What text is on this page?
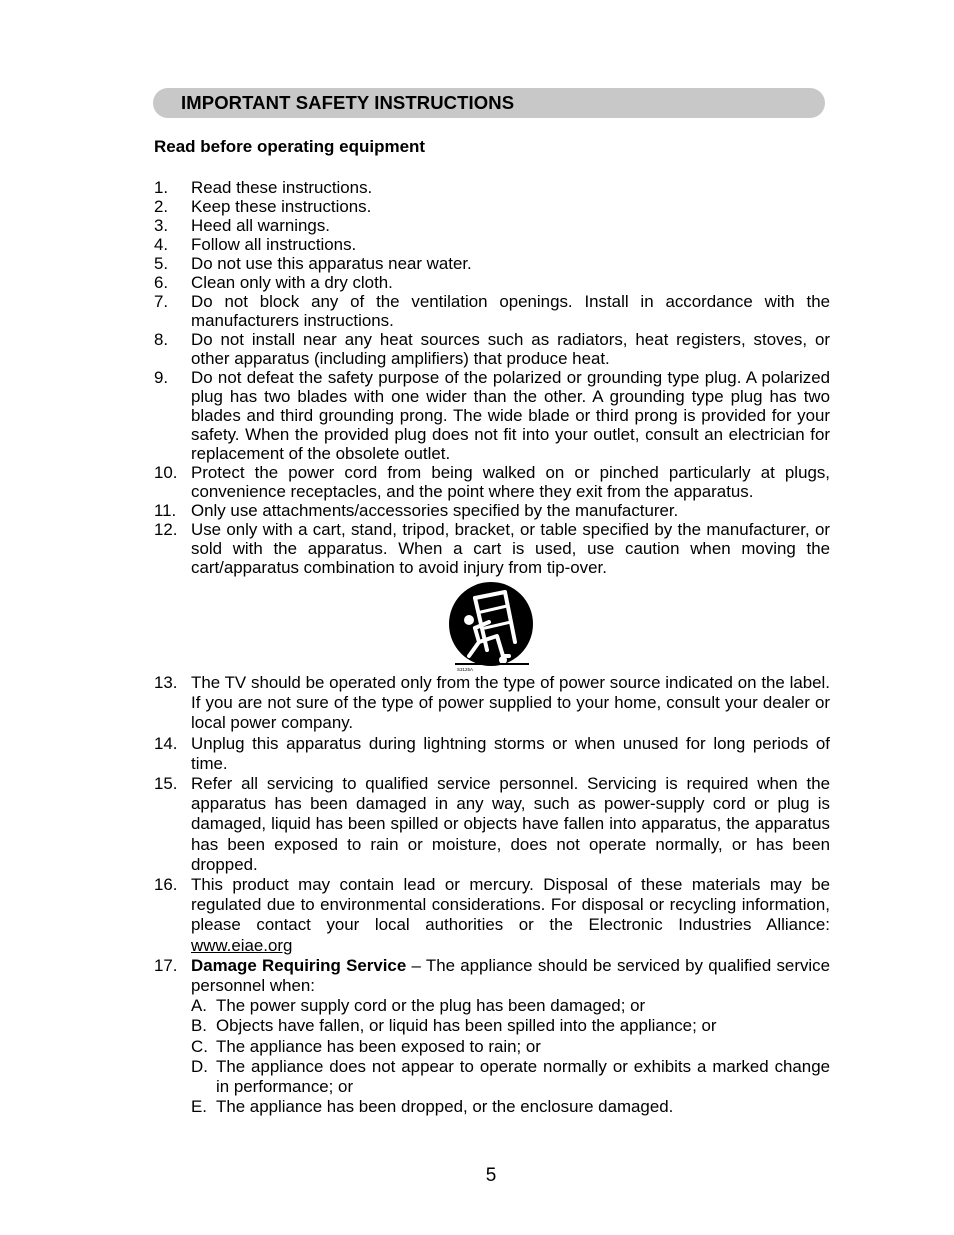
IMPORTANT SAFETY INSTRUCTIONS
Read before operating equipment
1. Read these instructions.
2. Keep these instructions.
3. Heed all warnings.
4. Follow all instructions.
5. Do not use this apparatus near water.
6. Clean only with a dry cloth.
7. Do not block any of the ventilation openings. Install in accordance with the manufacturers instructions.
8. Do not install near any heat sources such as radiators, heat registers, stoves, or other apparatus (including amplifiers) that produce heat.
9. Do not defeat the safety purpose of the polarized or grounding type plug. A polarized plug has two blades with one wider than the other. A grounding type plug has two blades and third grounding prong. The wide blade or third prong is provided for your safety. When the provided plug does not fit into your outlet, consult an electrician for replacement of the obsolete outlet.
10. Protect the power cord from being walked on or pinched particularly at plugs, convenience receptacles, and the point where they exit from the apparatus.
11. Only use attachments/accessories specified by the manufacturer.
12. Use only with a cart, stand, tripod, bracket, or table specified by the manufacturer, or sold with the apparatus. When a cart is used, use caution when moving the cart/apparatus combination to avoid injury from tip-over.
S3125A
13. The TV should be operated only from the type of power source indicated on the label. If you are not sure of the type of power supplied to your home, consult your dealer or local power company.
14. Unplug this apparatus during lightning storms or when unused for long periods of time.
15. Refer all servicing to qualified service personnel. Servicing is required when the apparatus has been damaged in any way, such as power-supply cord or plug is damaged, liquid has been spilled or objects have fallen into apparatus, the apparatus has been exposed to rain or moisture, does not operate normally, or has been dropped.
16. This product may contain lead or mercury. Disposal of these materials may be regulated due to environmental considerations. For disposal or recycling information, please contact your local authorities or the Electronic Industries Alliance: www.eiae.org
17. Damage Requiring Service – The appliance should be serviced by qualified service personnel when:
A. The power supply cord or the plug has been damaged; or
B. Objects have fallen, or liquid has been spilled into the appliance; or
C. The appliance has been exposed to rain; or
D. The appliance does not appear to operate normally or exhibits a marked change in performance; or
E. The appliance has been dropped, or the enclosure damaged.
5
